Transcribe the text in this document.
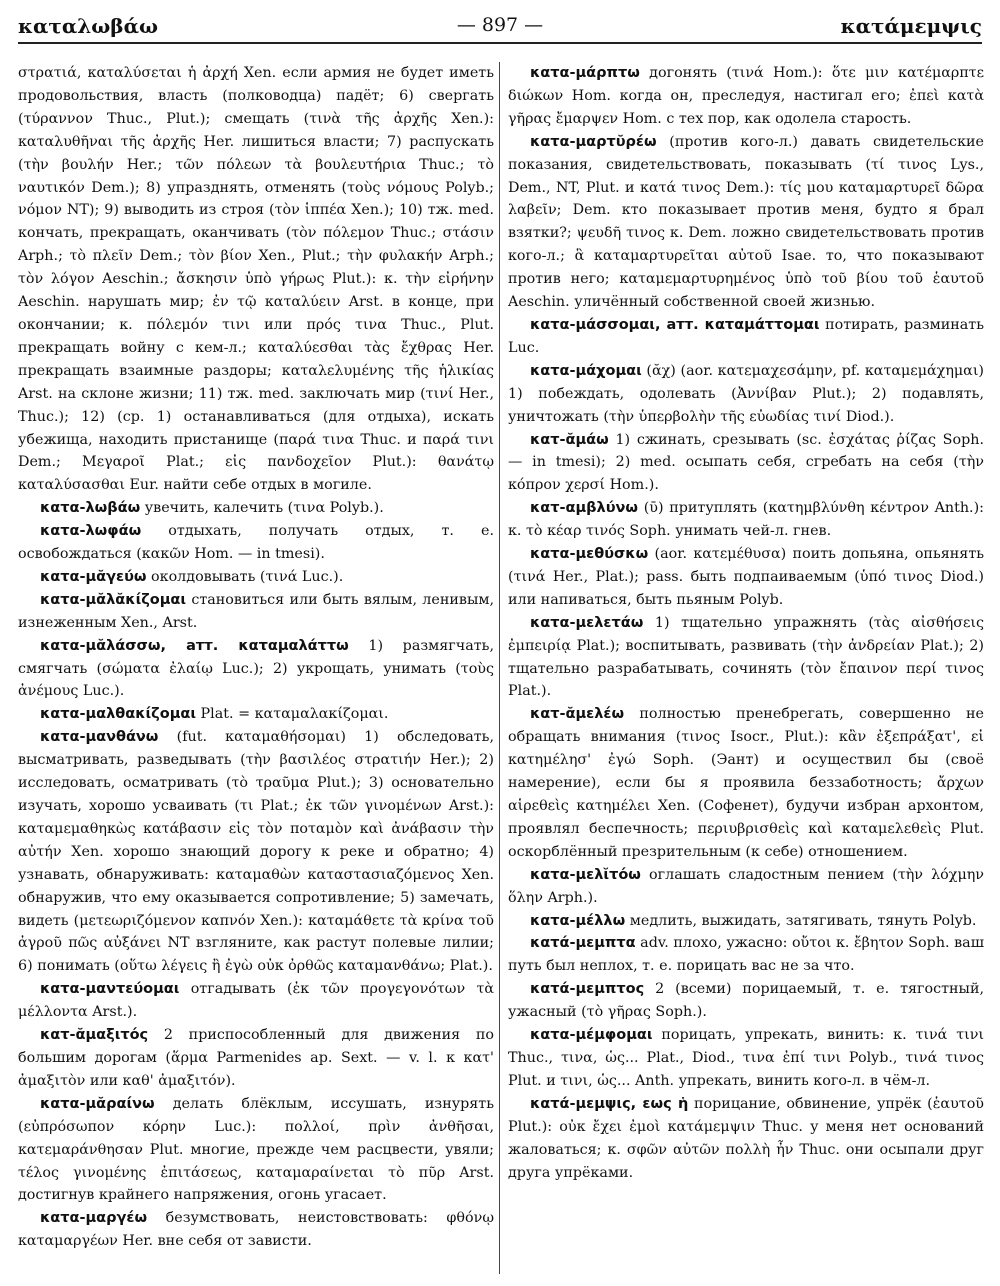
καταλωβάω	— 897 —	κατάμεμψις

στρατιά, καταλύσεται ἡ ἀρχή Xen. если армия не будет иметь продовольствия, власть (полководца) падёт; 6) свергать (τύραννον Thuc., Plut.); смещать (τινὰ τῆς ἀρχῆς Xen.): καταλυθῆναι τῆς ἀρχῆς Her. лишиться власти; 7) распускать (τὴν βουλήν Her.; τῶν πόλεων τὰ βουλευτήρια Thuc.; τὸ ναυτικόν Dem.); 8) упразднять, отменять (τοὺς νόμους Polyb.; νόμον NT); 9) выводить из строя (τὸν ἱππέα Xen.); 10) тж. med. кончать, прекращать, оканчивать (τὸν πόλεμον Thuc.; στάσιν Arph.; τὸ πλεῖν Dem.; τὸν βίον Xen., Plut.; τὴν φυλακήν Arph.; τὸν λόγον Aeschin.; ἄσκησιν ὑπὸ γήρως Plut.): κ. τὴν εἰρήνην Aeschin. нарушать мир; ἐν τῷ καταλύειν Arst. в конце, при окончании; κ. πόλεμόν τινι или πρός τινα Thuc., Plut. прекращать войну с кем-л.; καταλύεσθαι τὰς ἔχθρας Her. прекращать взаимные раздоры; καταλελυμένης τῆς ἡλικίας Arst. на склоне жизни; 11) тж. med. заключать мир (τινί Her., Thuc.); 12) (ср. 1) останавливаться (для отдыха), искать убежища, находить пристанище (παρά τινα Thuc. и παρά τινι Dem.; Μεγαροῖ Plat.; εἰς πανδοχεῖον Plut.): θανάτῳ καταλύσασθαι Eur. найти себе отдых в могиле.

κατα-λωβάω увечить, калечить (τινα Polyb.).

κατα-λωφάω отдыхать, получать отдых, т. е. освобождаться (κακῶν Hom. — in tmesi).

κατα-μᾰγεύω околдовывать (τινά Luc.).

κατα-μᾰλᾰκίζομαι становиться или быть вялым, ленивым, изнеженным Xen., Arst.

κατα-μᾰλάσσω, атт. καταμαλάττω 1) размягчать, смягчать (σώματα ἐλαίῳ Luc.); 2) укрощать, унимать (τοὺς ἀνέμους Luc.).

κατα-μαλθακίζομαι Plat. = καταμαλακίζομαι.

κατα-μανθάνω (fut. καταμαθήσομαι) 1) обследовать, высматривать, разведывать (τὴν βασιλέος στρατιήν Her.); 2) исследовать, осматривать (τὸ τραῦμα Plut.); 3) основательно изучать, хорошо усваивать (τι Plat.; ἐκ τῶν γινομένων Arst.): καταμεμαθηκὼς κατάβασιν εἰς τὸν ποταμὸν καὶ ἀνάβασιν τὴν αὐτήν Xen. хорошо знающий дорогу к реке и обратно; 4) узнавать, обнаруживать: καταμαθὼν καταστασιαζόμενος Xen. обнаружив, что ему оказывается сопротивление; 5) замечать, видеть (μετεωριζόμενον καπνόν Xen.): καταμάθετε τὰ κρίνα τοῦ ἀγροῦ πῶς αὐξάνει NT взгляните, как растут полевые лилии; 6) понимать (οὕτω λέγεις ἢ ἐγὼ οὐκ ὀρθῶς καταμανθάνω; Plat.).

κατα-μαντεύομαι отгадывать (ἐκ τῶν προγεγονότων τὰ μέλλοντα Arst.).

κατ-ᾰμαξιτός 2 приспособленный для движения по большим дорогам (ἅρμα Parmenides ap. Sext. — v. l. к κατ' ἀμαξιτὸν или καθ' ἀμαξιτόν).

κατα-μᾰραίνω делать блёклым, иссушать, изнурять (εὐπρόσωπον κόρην Luc.): πολλοί, πρὶν ἀνθῆσαι, κατεμαράνθησαν Plut. многие, прежде чем расцвести, увяли; τέλος γινομένης ἐπιτάσεως, καταμαραίνεται τὸ πῦρ Arst. достигнув крайнего напряжения, огонь угасает.

κατα-μαργέω безумствовать, неистовствовать: φθόνῳ καταμαργέων Her. вне себя от зависти.

κατα-μάρπτω догонять (τινά Hom.): ὅτε μιν κατέμαρπτε διώκων Hom. когда он, преследуя, настигал его; ἐπεὶ κατὰ γῆρας ἔμαρψεν Hom. с тех пор, как одолела старость.

κατα-μαρτῠρέω (против кого-л.) давать свидетельские показания, свидетельствовать, показывать (τί τινος Lys., Dem., NT, Plut. и κατά τινος Dem.): τίς μου καταμαρτυρεῖ δῶρα λαβεῖν; Dem. кто показывает против меня, будто я брал взятки?; ψευδῆ τινος κ. Dem. ложно свидетельствовать против кого-л.; ἃ καταμαρτυρεῖται αὐτοῦ Isae. то, что показывают против него; καταμεμαρτυρημένος ὑπὸ τοῦ βίου τοῦ ἑαυτοῦ Aeschin. уличённый собственной своей жизнью.

κατα-μάσσομαι, атт. καταμάττομαι потирать, разминать Luc.

κατα-μάχομαι (ᾰχ) (aor. κατεμαχεσάμην, pf. καταμεμάχημαι) 1) побеждать, одолевать (Ἀννίβαν Plut.); 2) подавлять, уничтожать (τὴν ὑπερβολὴν τῆς εὐωδίας τινί Diod.).

κατ-ᾰμάω 1) сжинать, срезывать (sc. ἐσχάτας ῥίζας Soph. — in tmesi); 2) med. осыпать себя, сгребать на себя (τὴν κόπρον χερσί Hom.).

κατ-αμβλύνω (ῡ) притуплять (κατημβλύνθη κέντρον Anth.): κ. τὸ κέαρ τινός Soph. унимать чей-л. гнев.

κατα-μεθύσκω (aor. κατεμέθυσα) поить допьяна, опьянять (τινά Her., Plat.); pass. быть подпаиваемым (ὑπό τινος Diod.) или напиваться, быть пьяным Polyb.

κατα-μελετάω 1) тщательно упражнять (τὰς αἰσθήσεις ἐμπειρίᾳ Plat.); воспитывать, развивать (τὴν ἀνδρείαν Plat.); 2) тщательно разрабатывать, сочинять (τὸν ἔπαινον περί τινος Plat.).

κατ-ᾰμελέω полностью пренебрегать, совершенно не обращать внимания (τινος Isocr., Plut.): κἂν ἐξεπράξατ', εἰ κατημέλησ' ἐγώ Soph. (Эант) и осуществил бы (своё намерение), если бы я проявила беззаботность; ἄρχων αἱρεθεὶς κατημέλει Xen. (Софенет), будучи избран архонтом, проявлял беспечность; περιυβρισθεὶς καὶ καταμελεθεὶς Plut. оскорблённый презрительным (к себе) отношением.

κατα-μελῐτόω оглашать сладостным пением (τὴν λόχμην ὅλην Arph.).

κατα-μέλλω медлить, выжидать, затягивать, тянуть Polyb.

κατά-μεμπτα adv. плохо, ужасно: οὔτοι κ. ἔβητον Soph. ваш путь был неплох, т. е. порицать вас не за что.

κατά-μεμπτος 2 (всеми) порицаемый, т. е. тягостный, ужасный (τὸ γῆρας Soph.).

κατα-μέμφομαι порицать, упрекать, винить: κ. τινά τινι Thuc., τινα, ὡς... Plat., Diod., τινα ἐπί τινι Polyb., τινά τινος Plut. и τινι, ὡς... Anth. упрекать, винить кого-л. в чём-л.

κατά-μεμψις, εως ἡ порицание, обвинение, упрёк (ἑαυτοῦ Plut.): οὐκ ἔχει ἐμοὶ κατάμεμψιν Thuc. у меня нет оснований жаловаться; κ. σφῶν αὐτῶν πολλὴ ἦν Thuc. они осыпали друг друга упрёками.
